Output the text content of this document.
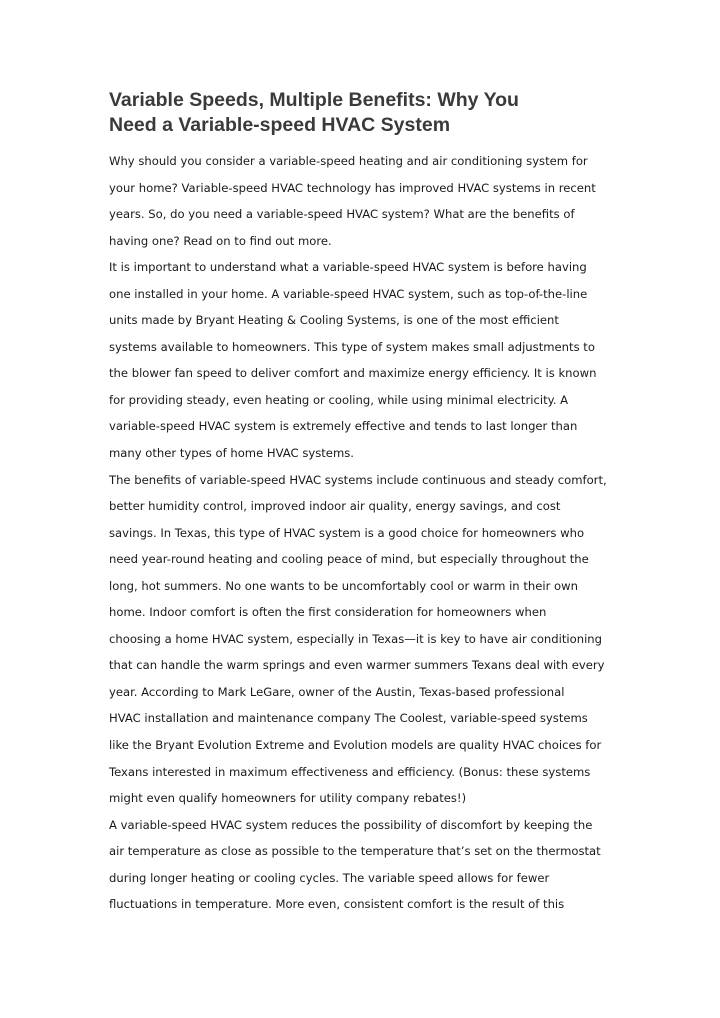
Variable Speeds, Multiple Benefits: Why You
Need a Variable-speed HVAC System

Why should you consider a variable-speed heating and air conditioning system for
your home? Variable-speed HVAC technology has improved HVAC systems in recent
years. So, do you need a variable-speed HVAC system? What are the benefits of
having one? Read on to find out more.

It is important to understand what a variable-speed HVAC system is before having
one installed in your home. A variable-speed HVAC system, such as top-of-the-line
units made by Bryant Heating & Cooling Systems, is one of the most efficient
systems available to homeowners. This type of system makes small adjustments to
the blower fan speed to deliver comfort and maximize energy efficiency. It is known
for providing steady, even heating or cooling, while using minimal electricity. A
variable-speed HVAC system is extremely effective and tends to last longer than
many other types of home HVAC systems.

The benefits of variable-speed HVAC systems include continuous and steady comfort,
better humidity control, improved indoor air quality, energy savings, and cost
savings. In Texas, this type of HVAC system is a good choice for homeowners who
need year-round heating and cooling peace of mind, but especially throughout the
long, hot summers. No one wants to be uncomfortably cool or warm in their own
home. Indoor comfort is often the first consideration for homeowners when
choosing a home HVAC system, especially in Texas—it is key to have air conditioning
that can handle the warm springs and even warmer summers Texans deal with every
year. According to Mark LeGare, owner of the Austin, Texas-based professional
HVAC installation and maintenance company The Coolest, variable-speed systems
like the Bryant Evolution Extreme and Evolution models are quality HVAC choices for
Texans interested in maximum effectiveness and efficiency. (Bonus: these systems
might even qualify homeowners for utility company rebates!)

A variable-speed HVAC system reduces the possibility of discomfort by keeping the
air temperature as close as possible to the temperature that’s set on the thermostat
during longer heating or cooling cycles. The variable speed allows for fewer
fluctuations in temperature. More even, consistent comfort is the result of this
